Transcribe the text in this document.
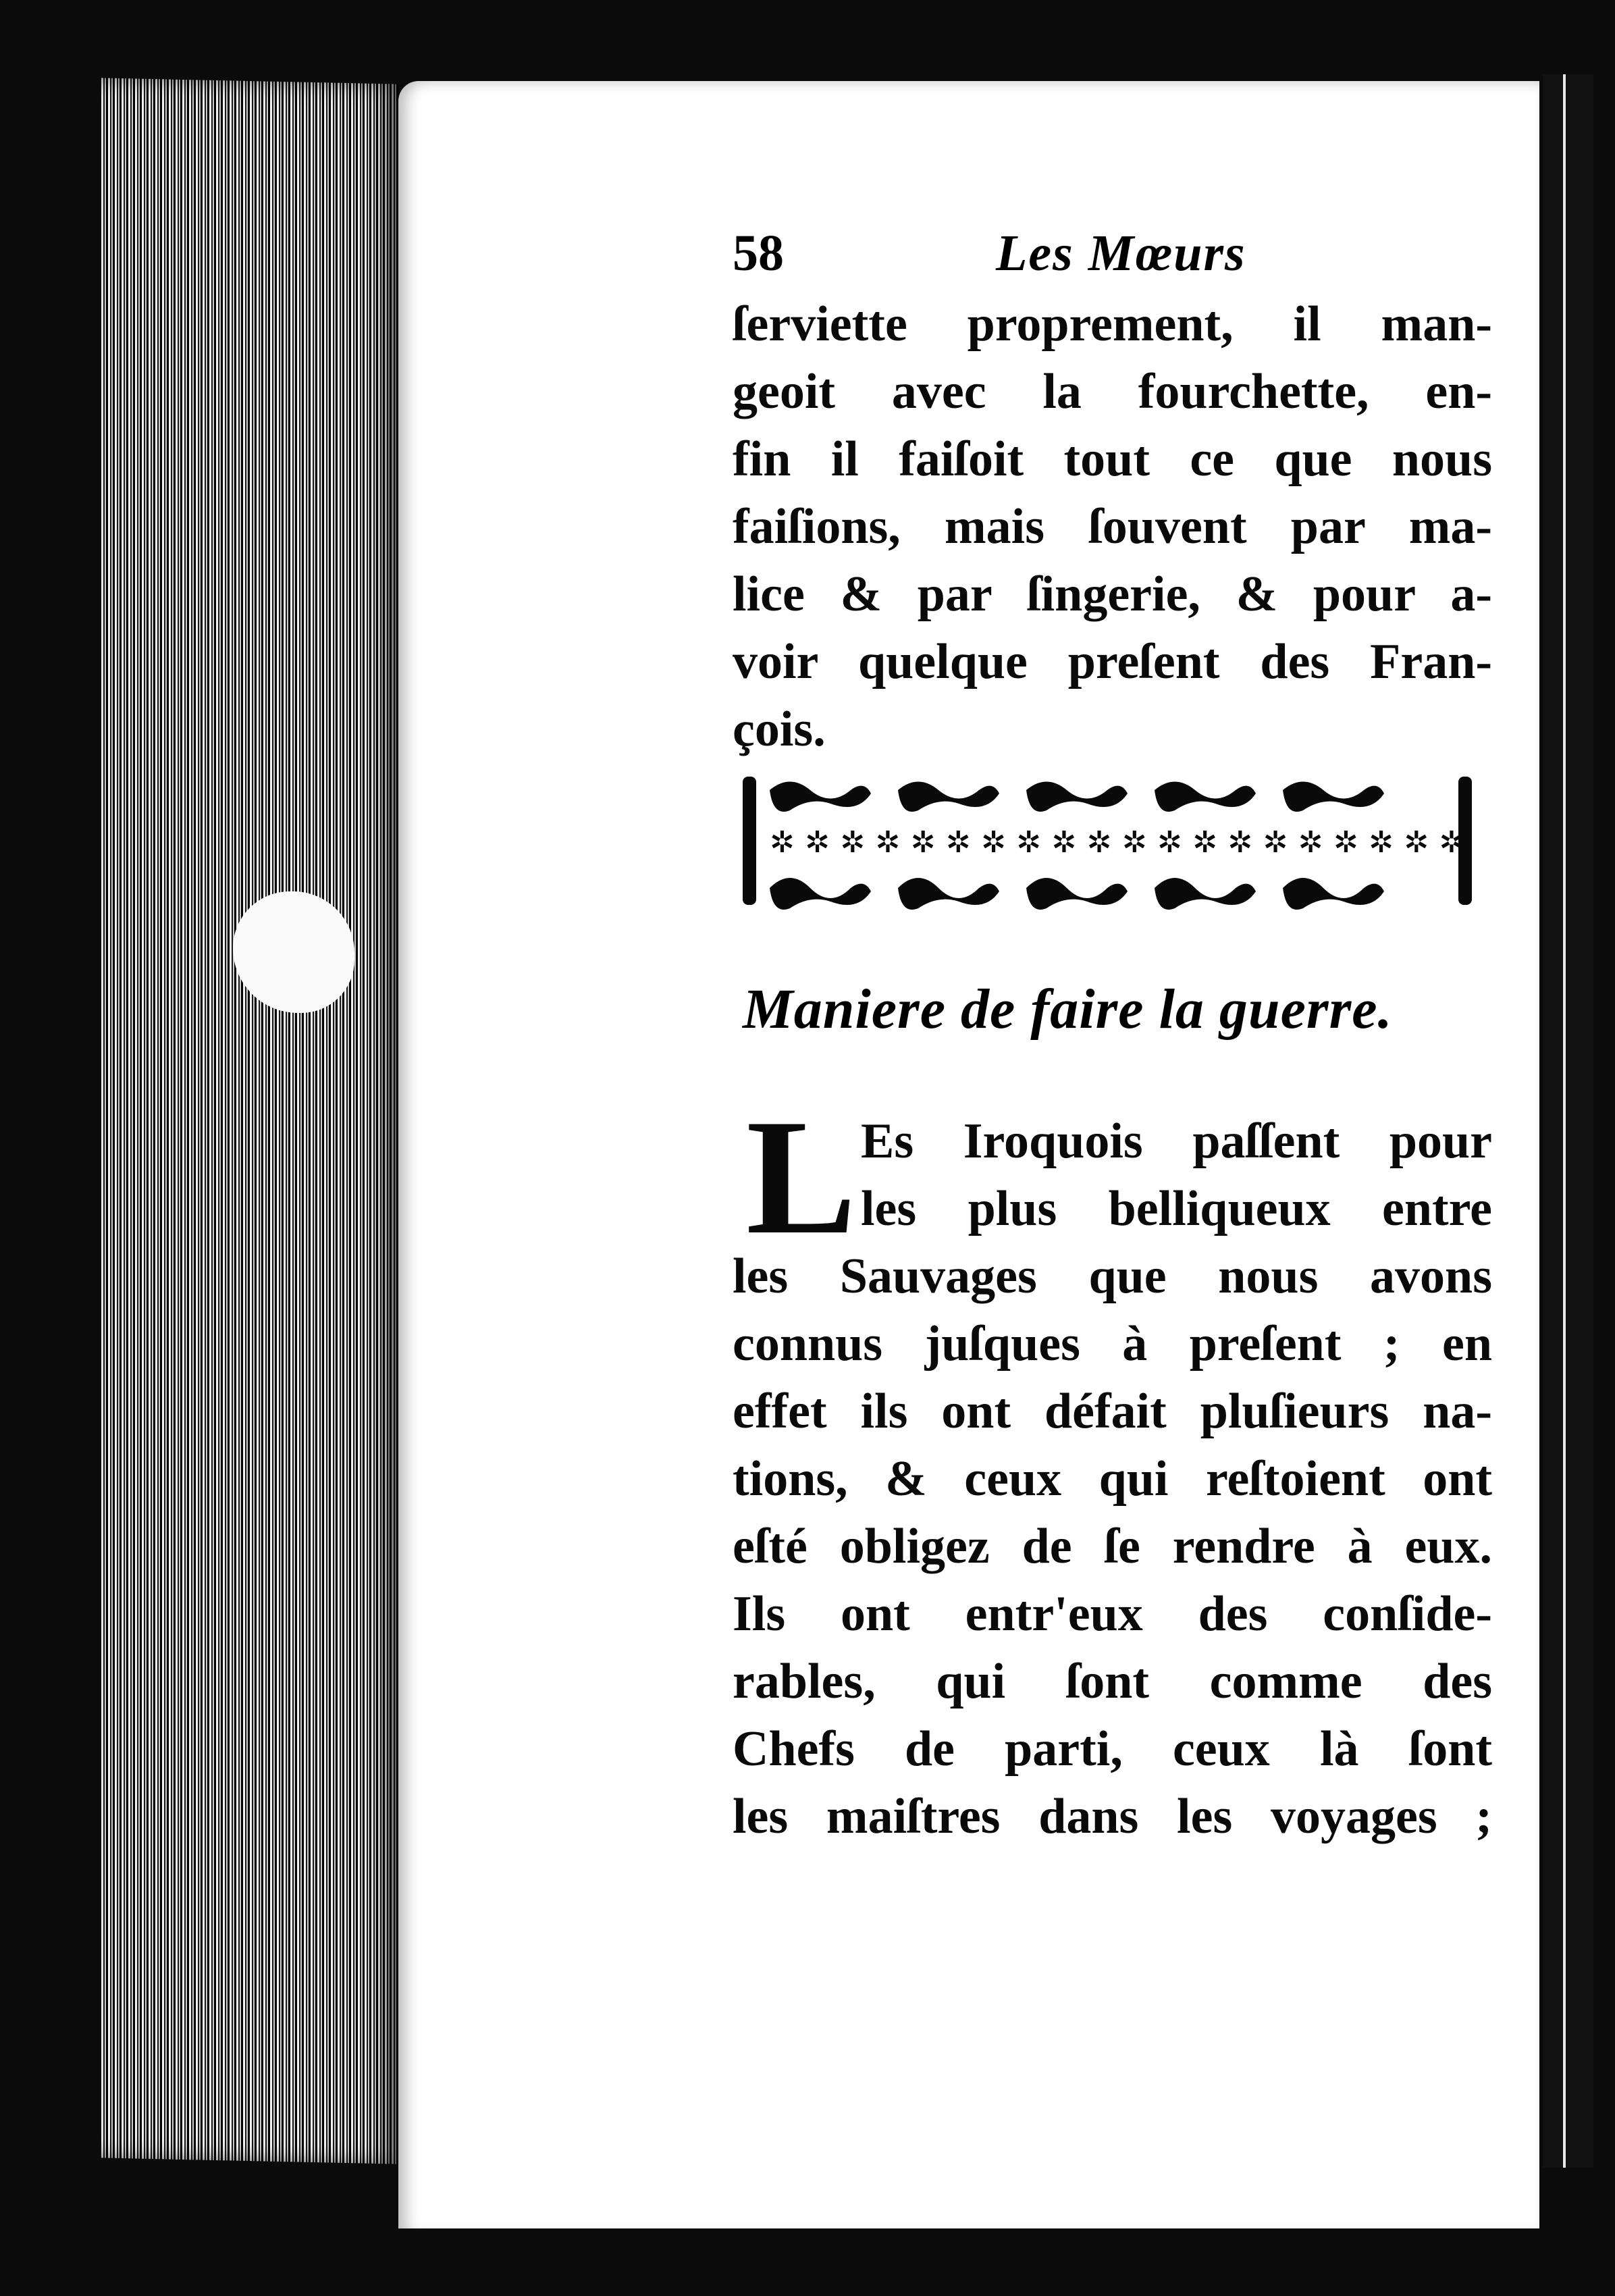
58	Les Mœurs
ſerviette proprement, il man-
geoit avec la fourchette, en-
fin il faiſoit tout ce que nous
faiſions, mais ſouvent par ma-
lice & par ſingerie, & pour a-
voir quelque preſent des Fran-
çois.
✲ ✲ ✲ ✲ ✲ ✲ ✲ ✲ ✲ ✲ ✲ ✲ ✲ ✲ ✲ ✲ ✲ ✲ ✲ ✲
Maniere de faire la guerre.
L Es Iroquois paſſent pour
les plus belliqueux entre
les Sauvages que nous avons
connus juſques à preſent ; en
effet ils ont défait pluſieurs na-
tions, & ceux qui reſtoient ont
eſté obligez de ſe rendre à eux.
Ils ont entr'eux des conſide-
rables, qui ſont comme des
Chefs de parti, ceux là ſont
les maiſtres dans les voyages ;
